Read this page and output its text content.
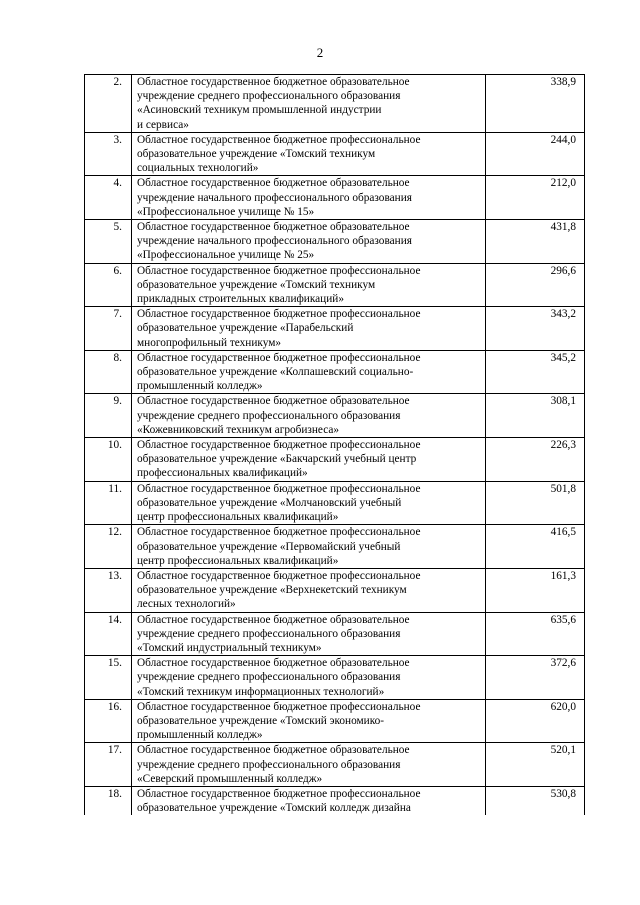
2
2.	Областное государственное бюджетное образовательное
учреждение среднего профессионального образования
«Асиновский техникум промышленной индустрии
и сервиса»	338,9
3.	Областное государственное бюджетное профессиональное
образовательное учреждение «Томский техникум
социальных технологий»	244,0
4.	Областное государственное бюджетное образовательное
учреждение начального профессионального образования
«Профессиональное училище № 15»	212,0
5.	Областное государственное бюджетное образовательное
учреждение начального профессионального образования
«Профессиональное училище № 25»	431,8
6.	Областное государственное бюджетное профессиональное
образовательное учреждение «Томский техникум
прикладных строительных квалификаций»	296,6
7.	Областное государственное бюджетное профессиональное
образовательное учреждение «Парабельский
многопрофильный техникум»	343,2
8.	Областное государственное бюджетное профессиональное
образовательное учреждение «Колпашевский социально-
промышленный колледж»	345,2
9.	Областное государственное бюджетное образовательное
учреждение среднего профессионального образования
«Кожевниковский техникум агробизнеса»	308,1
10.	Областное государственное бюджетное профессиональное
образовательное учреждение «Бакчарский учебный центр
профессиональных квалификаций»	226,3
11.	Областное государственное бюджетное профессиональное
образовательное учреждение «Молчановский учебный
центр профессиональных квалификаций»	501,8
12.	Областное государственное бюджетное профессиональное
образовательное учреждение «Первомайский учебный
центр профессиональных квалификаций»	416,5
13.	Областное государственное бюджетное профессиональное
образовательное учреждение «Верхнекетский техникум
лесных технологий»	161,3
14.	Областное государственное бюджетное образовательное
учреждение среднего профессионального образования
«Томский индустриальный техникум»	635,6
15.	Областное государственное бюджетное образовательное
учреждение среднего профессионального образования
«Томский техникум информационных технологий»	372,6
16.	Областное государственное бюджетное профессиональное
образовательное учреждение «Томский экономико-
промышленный колледж»	620,0
17.	Областное государственное бюджетное образовательное
учреждение среднего профессионального образования
«Северский промышленный колледж»	520,1
18.	Областное государственное бюджетное профессиональное
образовательное учреждение «Томский колледж дизайна	530,8
